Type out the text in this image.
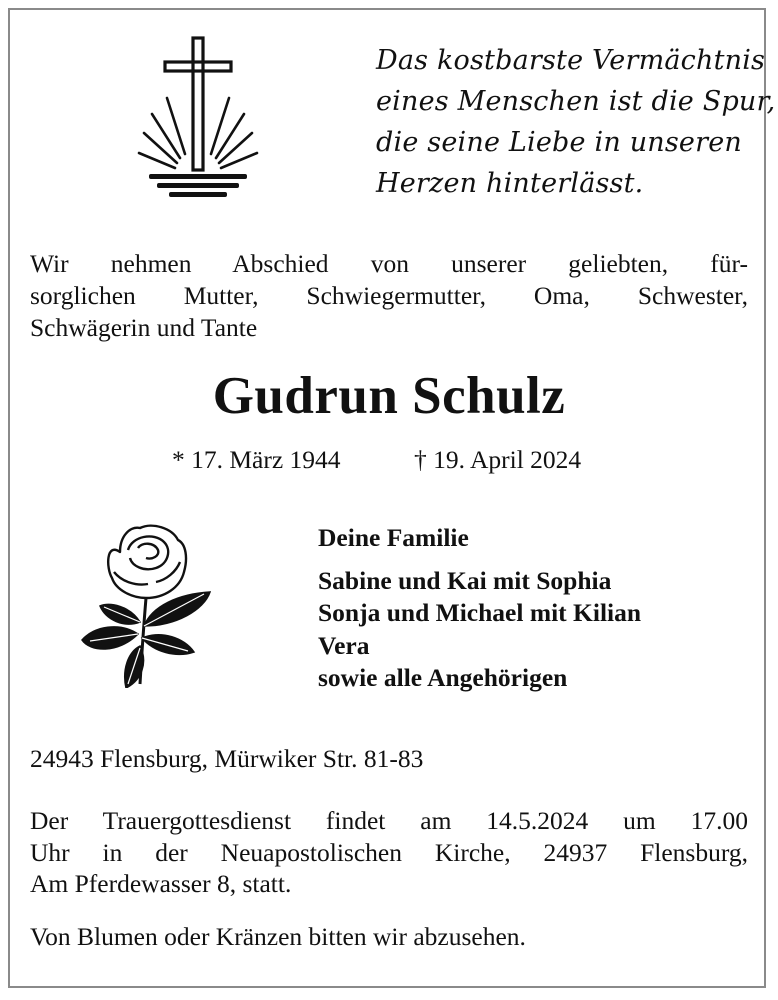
Das kostbarste Vermächtnis
eines Menschen ist die Spur,
die seine Liebe in unseren
Herzen hinterlässt.
Wir nehmen Abschied von unserer geliebten, für-
sorglichen Mutter, Schwiegermutter, Oma, Schwester,
Schwägerin und Tante
Gudrun Schulz
* 17. März 1944	† 19. April 2024
Deine Familie
Sabine und Kai mit Sophia
Sonja und Michael mit Kilian
Vera
sowie alle Angehörigen
24943 Flensburg, Mürwiker Str. 81-83
Der Trauergottesdienst findet am 14.5.2024 um 17.00
Uhr in der Neuapostolischen Kirche, 24937 Flensburg,
Am Pferdewasser 8, statt.
Von Blumen oder Kränzen bitten wir abzusehen.
